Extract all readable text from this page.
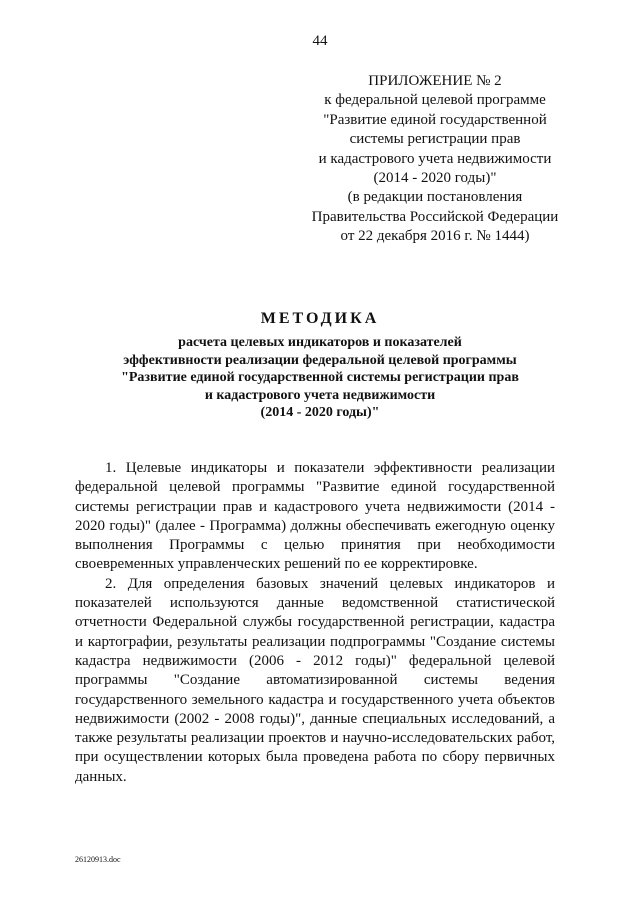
44
ПРИЛОЖЕНИЕ № 2
к федеральной целевой программе
"Развитие единой государственной
системы регистрации прав
и кадастрового учета недвижимости
(2014 - 2020 годы)"
(в редакции постановления
Правительства Российской Федерации
от 22 декабря 2016 г. № 1444)
МЕТОДИКА
расчета целевых индикаторов и показателей
эффективности реализации федеральной целевой программы
"Развитие единой государственной системы регистрации прав
и кадастрового учета недвижимости
(2014 - 2020 годы)"

1. Целевые индикаторы и показатели эффективности реализации федеральной целевой программы "Развитие единой государственной системы регистрации прав и кадастрового учета недвижимости (2014 - 2020 годы)" (далее - Программа) должны обеспечивать ежегодную оценку выполнения Программы с целью принятия при необходимости своевременных управленческих решений по ее корректировке.

2. Для определения базовых значений целевых индикаторов и показателей используются данные ведомственной статистической отчетности Федеральной службы государственной регистрации, кадастра и картографии, результаты реализации подпрограммы "Создание системы кадастра недвижимости (2006 - 2012 годы)" федеральной целевой программы "Создание автоматизированной системы ведения государственного земельного кадастра и государственного учета объектов недвижимости (2002 - 2008 годы)", данные специальных исследований, а также результаты реализации проектов и научно-исследовательских работ, при осуществлении которых была проведена работа по сбору первичных данных.

26120913.doc
